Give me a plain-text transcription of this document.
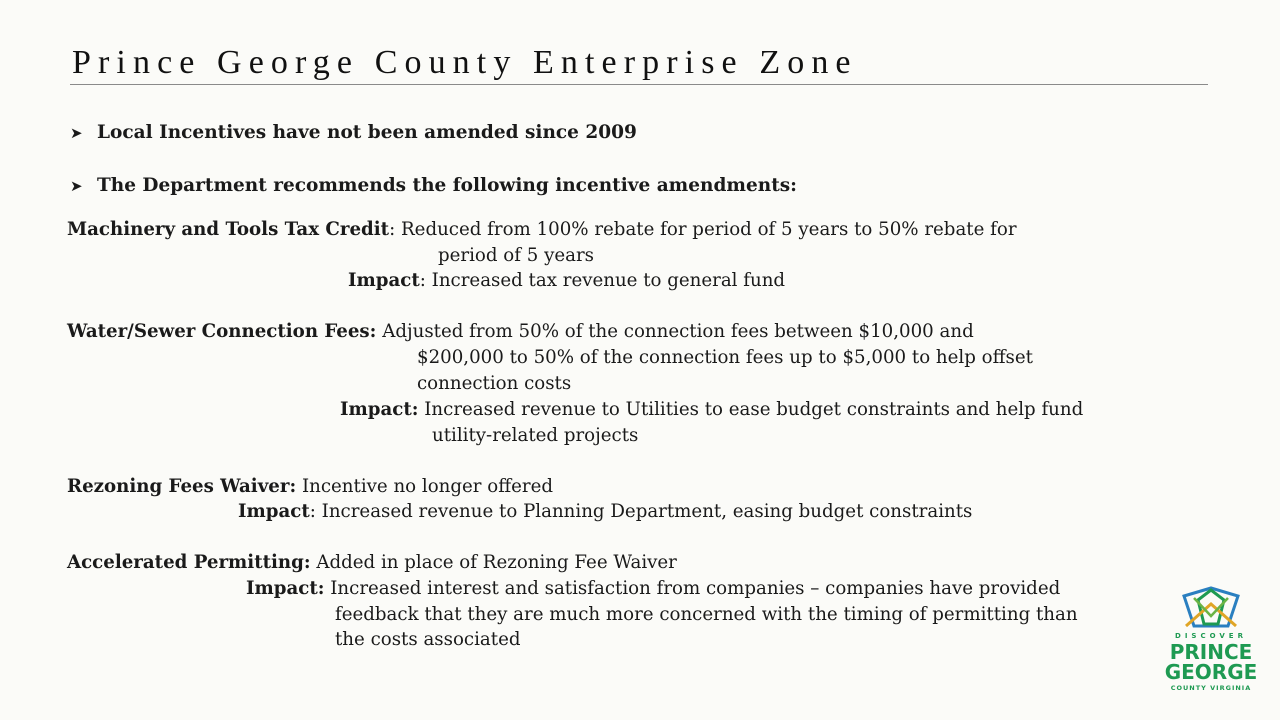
Prince George County Enterprise Zone
➤ Local Incentives have not been amended since 2009
➤ The Department recommends the following incentive amendments:
Machinery and Tools Tax Credit: Reduced from 100% rebate for period of 5 years to 50% rebate for
period of 5 years
Impact: Increased tax revenue to general fund
Water/Sewer Connection Fees: Adjusted from 50% of the connection fees between $10,000 and
$200,000 to 50% of the connection fees up to $5,000 to help offset
connection costs
Impact: Increased revenue to Utilities to ease budget constraints and help fund
utility-related projects
Rezoning Fees Waiver: Incentive no longer offered
Impact: Increased revenue to Planning Department, easing budget constraints
Accelerated Permitting: Added in place of Rezoning Fee Waiver
Impact: Increased interest and satisfaction from companies – companies have provided
feedback that they are much more concerned with the timing of permitting than
the costs associated	DISCOVER
PRINCE
GEORGE
COUNTY VIRGINIA
